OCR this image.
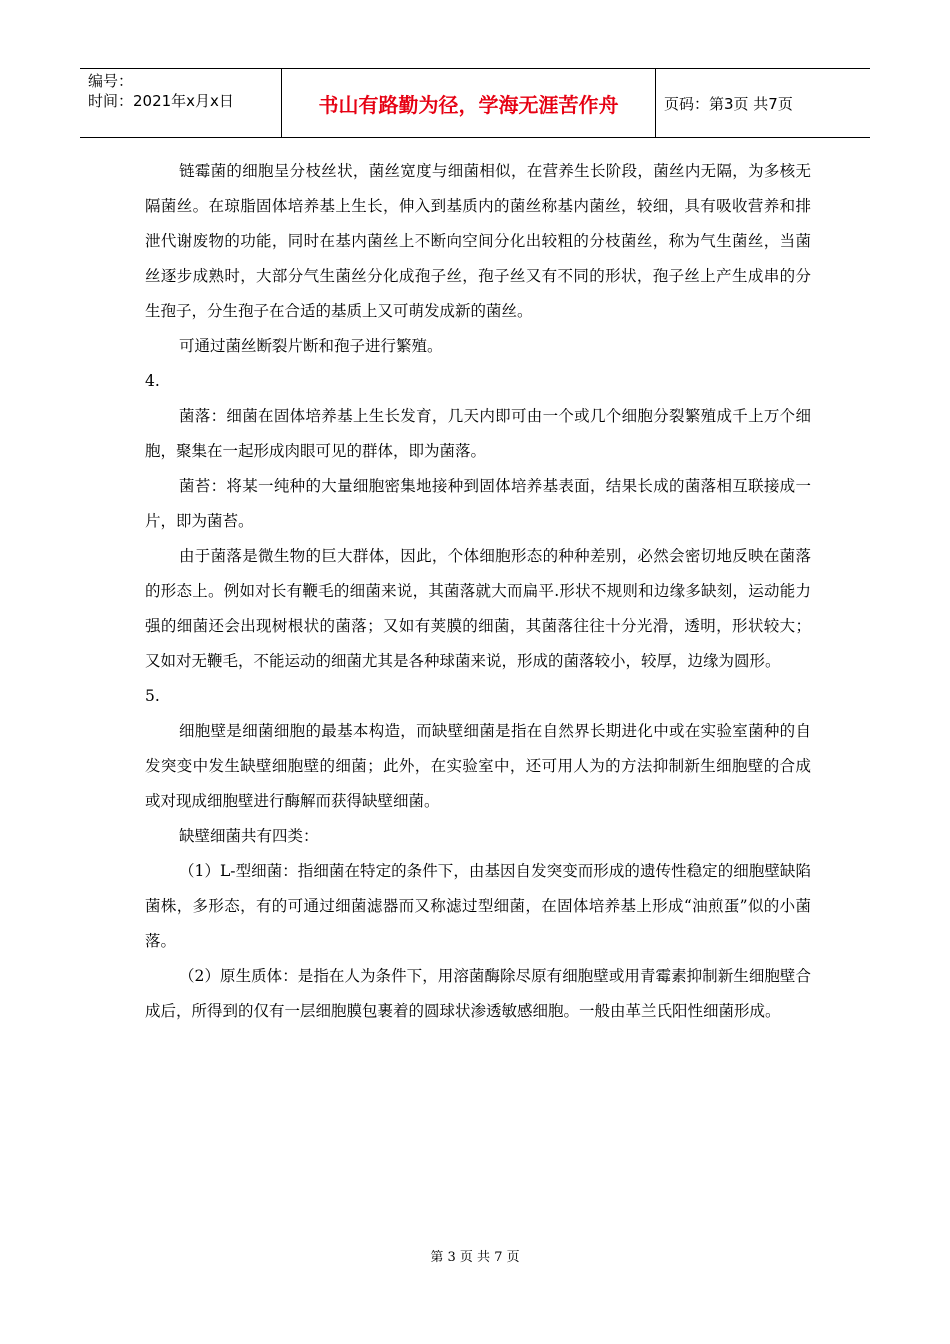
编号：
时间：2021年x月x日	书山有路勤为径，学海无涯苦作舟	页码：第3页 共7页

链霉菌的细胞呈分枝丝状，菌丝宽度与细菌相似，在营养生长阶段，菌丝内无隔，为多核无隔菌丝。在琼脂固体培养基上生长，伸入到基质内的菌丝称基内菌丝，较细，具有吸收营养和排泄代谢废物的功能，同时在基内菌丝上不断向空间分化出较粗的分枝菌丝，称为气生菌丝，当菌丝逐步成熟时，大部分气生菌丝分化成孢子丝，孢子丝又有不同的形状，孢子丝上产生成串的分生孢子，分生孢子在合适的基质上又可萌发成新的菌丝。

可通过菌丝断裂片断和孢子进行繁殖。

4.

菌落：细菌在固体培养基上生长发育，几天内即可由一个或几个细胞分裂繁殖成千上万个细胞，聚集在一起形成肉眼可见的群体，即为菌落。

菌苔：将某一纯种的大量细胞密集地接种到固体培养基表面，结果长成的菌落相互联接成一片，即为菌苔。

由于菌落是微生物的巨大群体，因此，个体细胞形态的种种差别，必然会密切地反映在菌落的形态上。例如对长有鞭毛的细菌来说，其菌落就大而扁平.形状不规则和边缘多缺刻，运动能力强的细菌还会出现树根状的菌落；又如有荚膜的细菌，其菌落往往十分光滑，透明，形状较大；又如对无鞭毛，不能运动的细菌尤其是各种球菌来说，形成的菌落较小，较厚，边缘为圆形。

5.

细胞壁是细菌细胞的最基本构造，而缺壁细菌是指在自然界长期进化中或在实验室菌种的自发突变中发生缺壁细胞壁的细菌；此外，在实验室中，还可用人为的方法抑制新生细胞壁的合成或对现成细胞壁进行酶解而获得缺壁细菌。

缺壁细菌共有四类：

（1）L-型细菌：指细菌在特定的条件下，由基因自发突变而形成的遗传性稳定的细胞壁缺陷菌株，多形态，有的可通过细菌滤器而又称滤过型细菌，在固体培养基上形成“油煎蛋”似的小菌落。

（2）原生质体：是指在人为条件下，用溶菌酶除尽原有细胞壁或用青霉素抑制新生细胞壁合成后，所得到的仅有一层细胞膜包裹着的圆球状渗透敏感细胞。一般由革兰氏阳性细菌形成。

第 3 页 共 7 页
